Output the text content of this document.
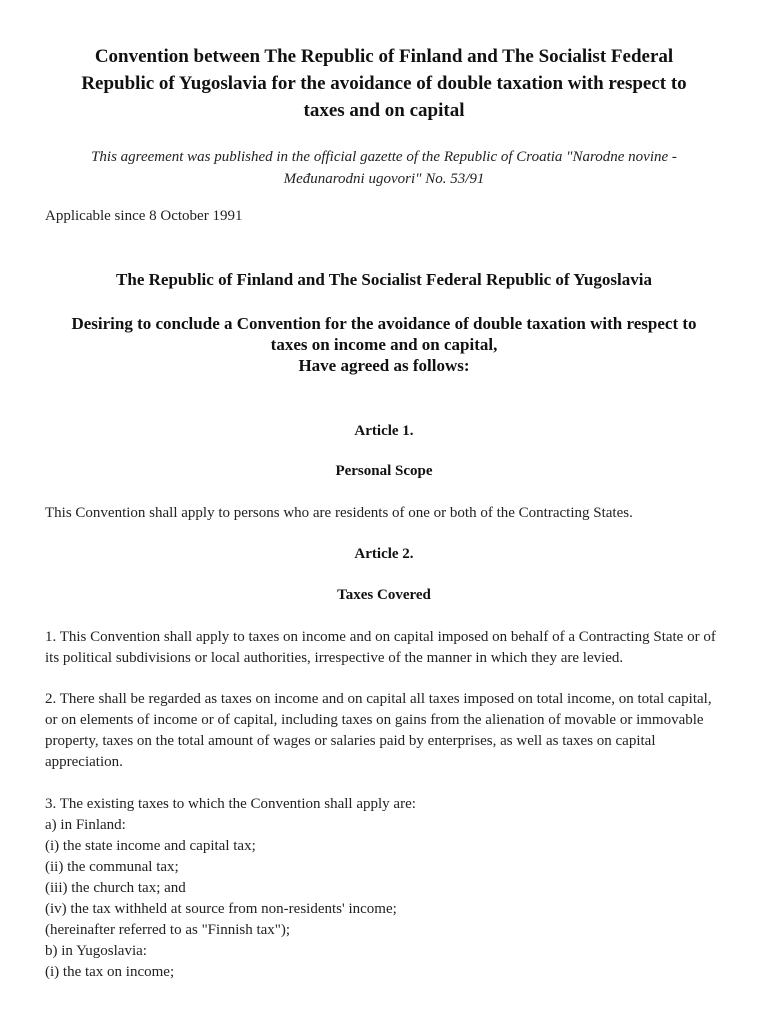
Convention between The Republic of Finland and The Socialist Federal
Republic of Yugoslavia for the avoidance of double taxation with respect to
taxes and on capital

This agreement was published in the official gazette of the Republic of Croatia "Narodne novine -
Međunarodni ugovori" No. 53/91

Applicable since 8 October 1991

The Republic of Finland and The Socialist Federal Republic of Yugoslavia
Desiring to conclude a Convention for the avoidance of double taxation with respect to
taxes on income and on capital,
Have agreed as follows:
Article 1.
Personal Scope

This Convention shall apply to persons who are residents of one or both of the Contracting States.

Article 2.
Taxes Covered

1. This Convention shall apply to taxes on income and on capital imposed on behalf of a Contracting State or of
its political subdivisions or local authorities, irrespective of the manner in which they are levied.

2. There shall be regarded as taxes on income and on capital all taxes imposed on total income, on total capital,
or on elements of income or of capital, including taxes on gains from the alienation of movable or immovable
property, taxes on the total amount of wages or salaries paid by enterprises, as well as taxes on capital
appreciation.

3. The existing taxes to which the Convention shall apply are:
a) in Finland:
(i) the state income and capital tax;
(ii) the communal tax;
(iii) the church tax; and
(iv) the tax withheld at source from non-residents' income;
(hereinafter referred to as "Finnish tax");
b) in Yugoslavia:
(i) the tax on income;
